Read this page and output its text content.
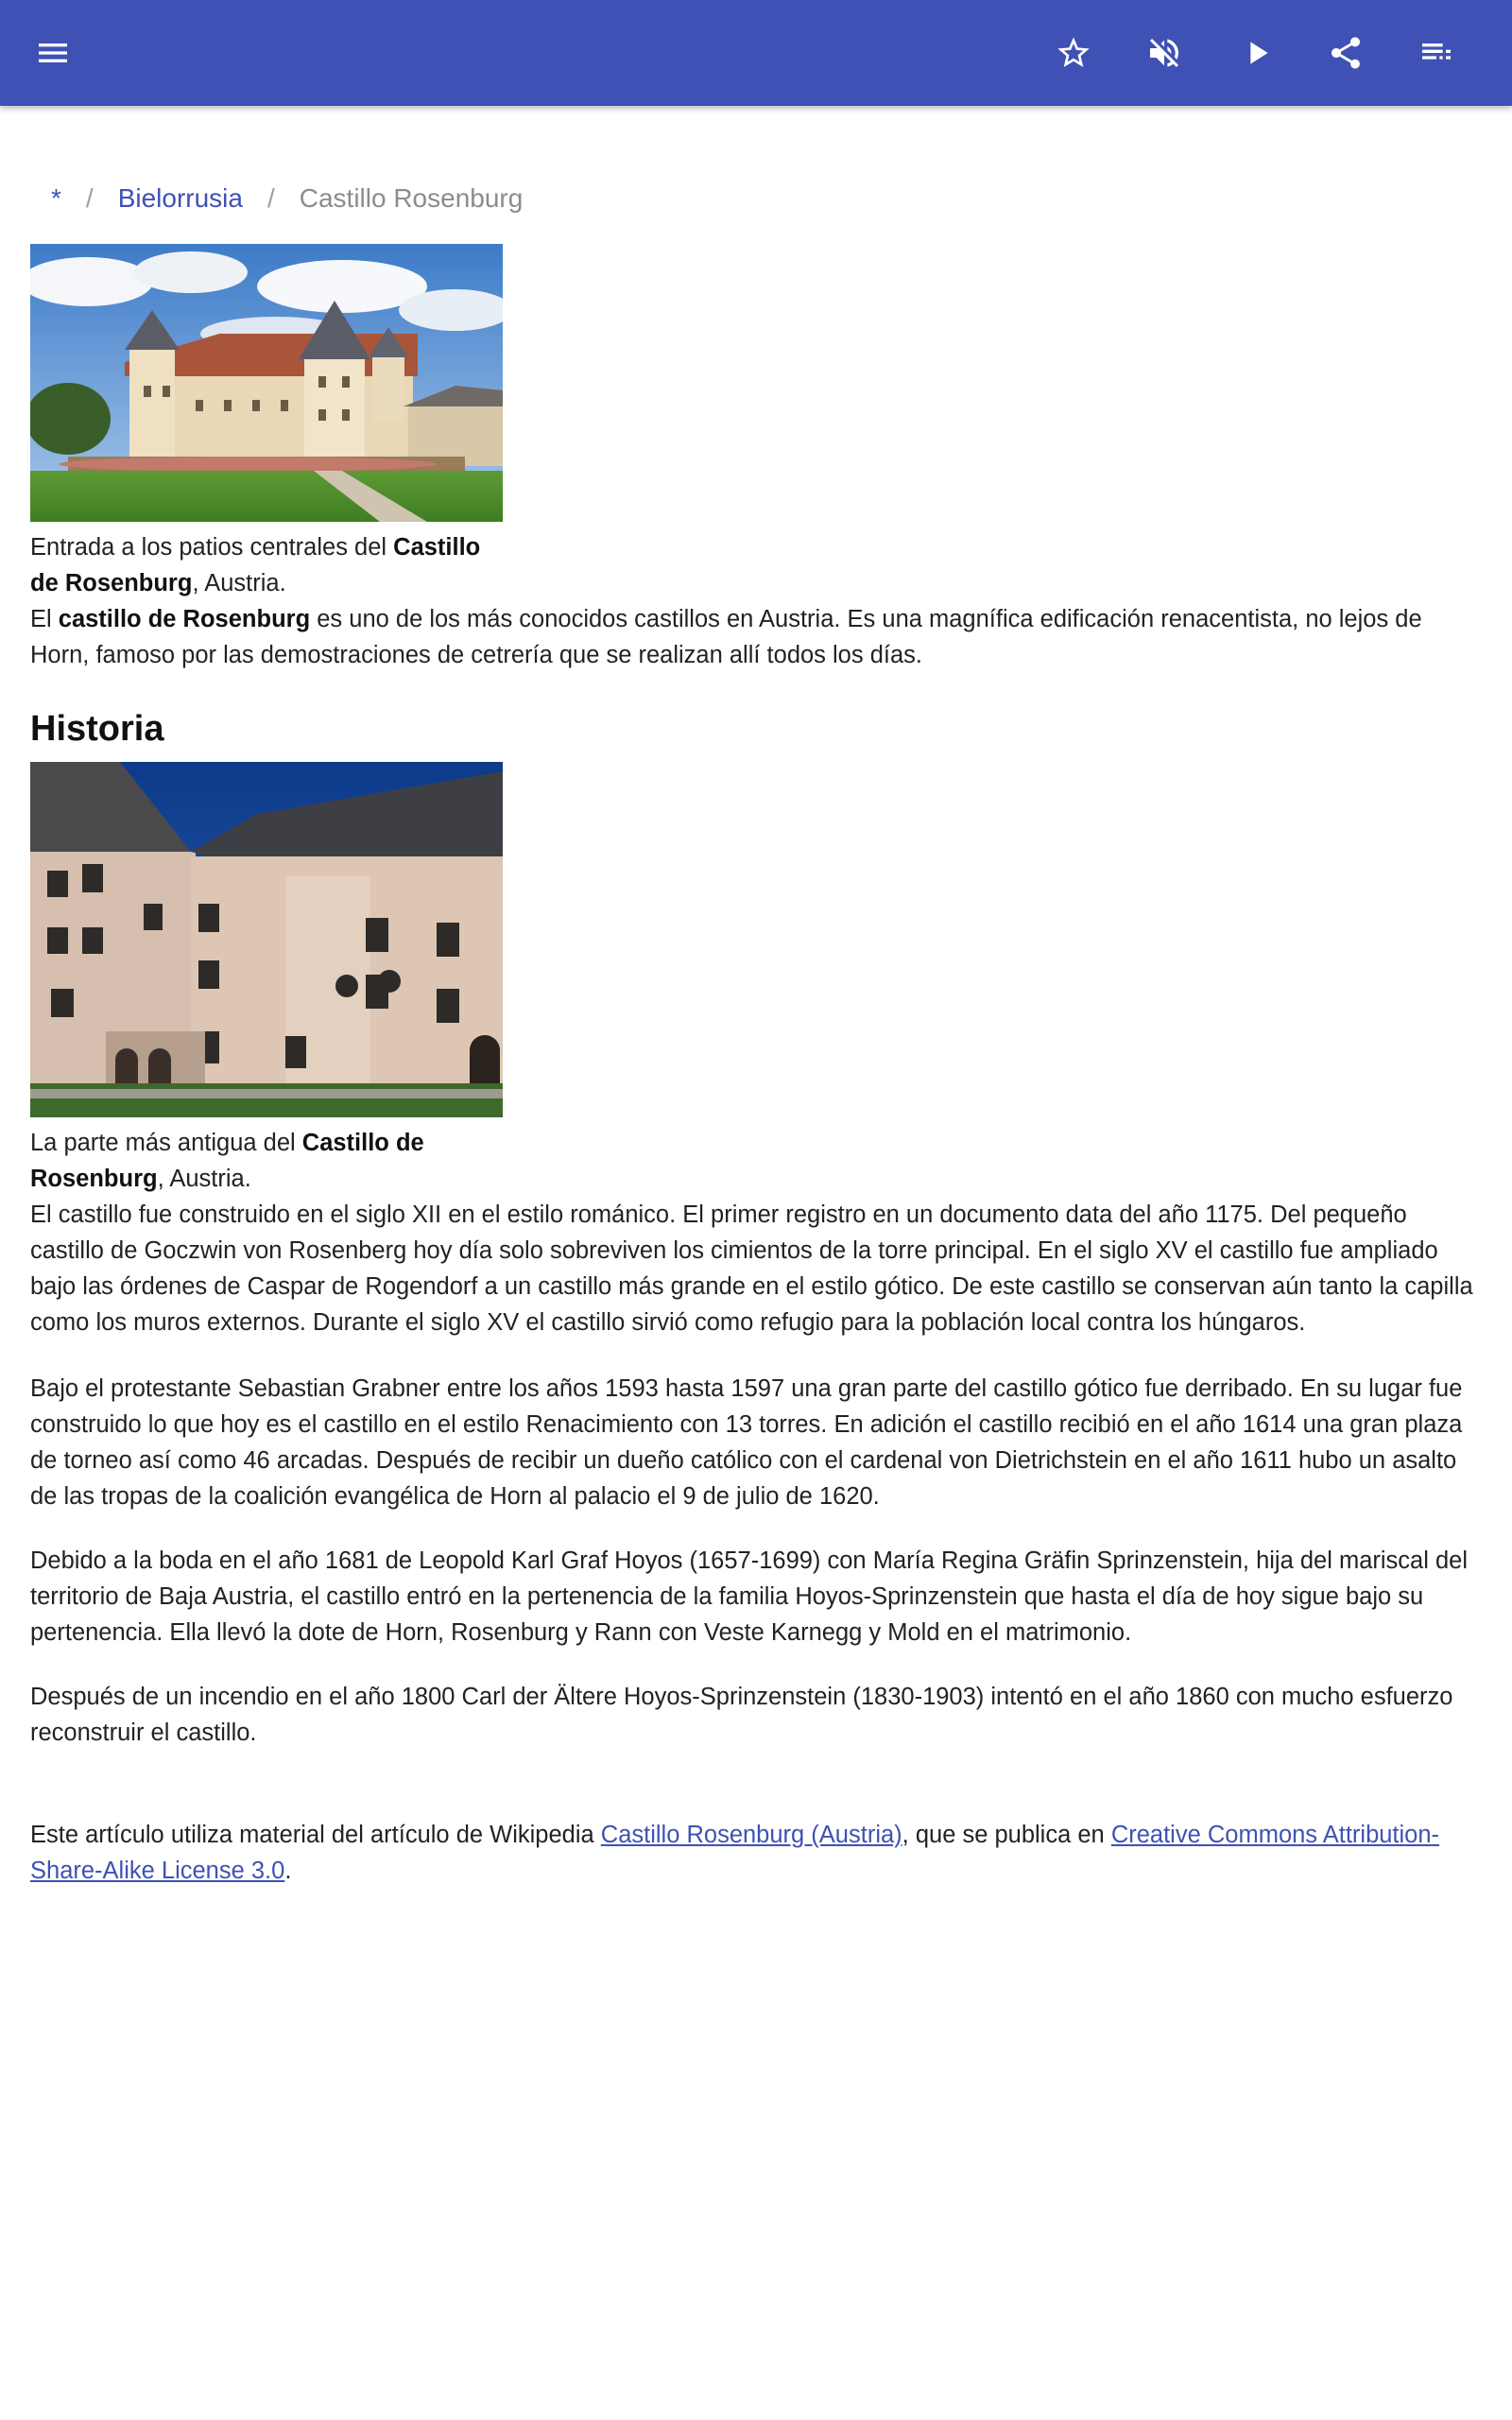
* / Bielorrusia / Castillo Rosenburg
Entrada a los patios centrales del Castillo de Rosenburg, Austria.
El castillo de Rosenburg es uno de los más conocidos castillos en Austria. Es una magnífica edificación renacentista, no lejos de Horn, famoso por las demostraciones de cetrería que se realizan allí todos los días.
Historia
La parte más antigua del Castillo de Rosenburg, Austria.
El castillo fue construido en el siglo XII en el estilo románico. El primer registro en un documento data del año 1175. Del pequeño castillo de Goczwin von Rosenberg hoy día solo sobreviven los cimientos de la torre principal. En el siglo XV el castillo fue ampliado bajo las órdenes de Caspar de Rogendorf a un castillo más grande en el estilo gótico. De este castillo se conservan aún tanto la capilla como los muros externos. Durante el siglo XV el castillo sirvió como refugio para la población local contra los húngaros.
Bajo el protestante Sebastian Grabner entre los años 1593 hasta 1597 una gran parte del castillo gótico fue derribado. En su lugar fue construido lo que hoy es el castillo en el estilo Renacimiento con 13 torres. En adición el castillo recibió en el año 1614 una gran plaza de torneo así como 46 arcadas. Después de recibir un dueño católico con el cardenal von Dietrichstein en el año 1611 hubo un asalto de las tropas de la coalición evangélica de Horn al palacio el 9 de julio de 1620.
Debido a la boda en el año 1681 de Leopold Karl Graf Hoyos (1657-1699) con María Regina Gräfin Sprinzenstein, hija del mariscal del territorio de Baja Austria, el castillo entró en la pertenencia de la familia Hoyos-Sprinzenstein que hasta el día de hoy sigue bajo su pertenencia. Ella llevó la dote de Horn, Rosenburg y Rann con Veste Karnegg y Mold en el matrimonio.
Después de un incendio en el año 1800 Carl der Ältere Hoyos-Sprinzenstein (1830-1903) intentó en el año 1860 con mucho esfuerzo reconstruir el castillo.
Este artículo utiliza material del artículo de Wikipedia Castillo Rosenburg (Austria), que se publica en Creative Commons Attribution-Share-Alike License 3.0.
